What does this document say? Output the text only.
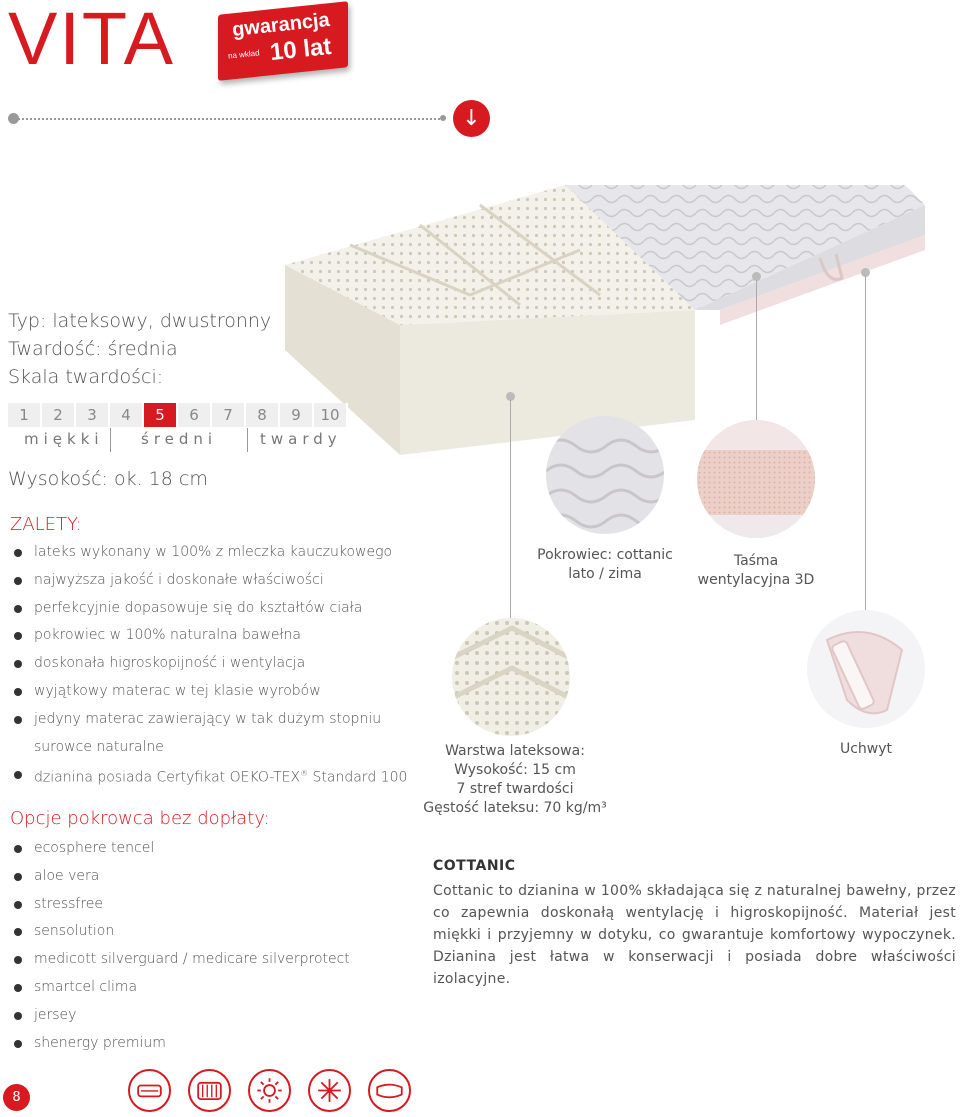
VITA	gwarancja
na wkład 10 lat
↓
Typ: lateksowy, dwustronny
Twardość: średnia
Skala twardości:
1	2	3	4	5	6	7	8	9	10
miękki średni	twardy
Wysokość: ok. 18 cm
ZALETY:
lateks wykonany w 100% z mleczka kauczukowego
najwyższa jakość i doskonałe właściwości
perfekcyjnie dopasowuje się do kształtów ciała
pokrowiec w 100% naturalna bawełna
doskonała higroskopijność i wentylacja
wyjątkowy materac w tej klasie wyrobów
jedyny materac zawierający w tak dużym stopniu
surowce naturalne
dzianina posiada Certyfikat OEKO-TEX® Standard 100
Opcje pokrowca bez dopłaty:
ecosphere tencel
aloe vera
stressfree
sensolution
medicott silverguard / medicare silverprotect
smartcel clima
jersey
shenergy premium
Pokrowiec: cottanic
lato / zima
Taśma
wentylacyjna 3D
Uchwyt
Warstwa lateksowa:
Wysokość: 15 cm
7 stref twardości
Gęstość lateksu: 70 kg/m³
COTTANIC
Cottanic to dzianina w 100% składająca się z naturalnej bawełny, przez co zapewnia doskonałą wentylację i higroskopijność. Materiał jest miękki i przyjemny w dotyku, co gwarantuje komfortowy wypoczynek. Dzianina jest łatwa w konserwacji i posiada dobre właściwości izolacyjne.
8
